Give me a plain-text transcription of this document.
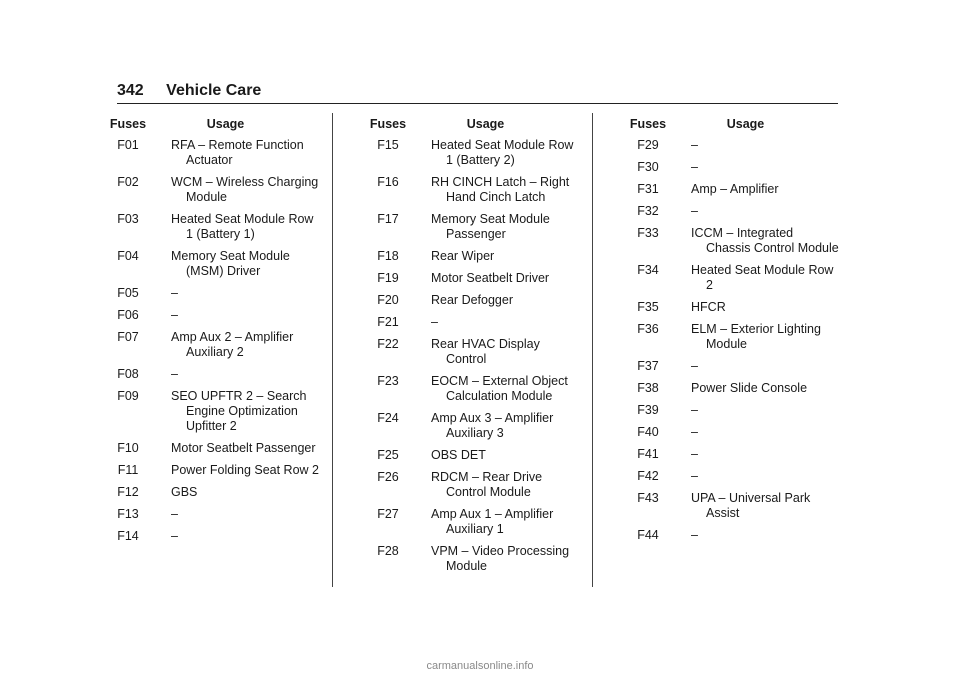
342 Vehicle Care
Fuses	Usage
F01	RFA – Remote Function Actuator
F02	WCM – Wireless Charging Module
F03	Heated Seat Module Row 1 (Battery 1)
F04	Memory Seat Module (MSM) Driver
F05	–
F06	–
F07	Amp Aux 2 – Amplifier Auxiliary 2
F08	–
F09	SEO UPFTR 2 – Search Engine Optimization Upfitter 2
F10	Motor Seatbelt Passenger
F11	Power Folding Seat Row 2
F12	GBS
F13	–
F14	–
Fuses	Usage
F15	Heated Seat Module Row 1 (Battery 2)
F16	RH CINCH Latch – Right Hand Cinch Latch
F17	Memory Seat Module Passenger
F18	Rear Wiper
F19	Motor Seatbelt Driver
F20	Rear Defogger
F21	–
F22	Rear HVAC Display Control
F23	EOCM – External Object Calculation Module
F24	Amp Aux 3 – Amplifier Auxiliary 3
F25	OBS DET
F26	RDCM – Rear Drive Control Module
F27	Amp Aux 1 – Amplifier Auxiliary 1
F28	VPM – Video Processing Module
Fuses	Usage
F29	–
F30	–
F31	Amp – Amplifier
F32	–
F33	ICCM – Integrated Chassis Control Module
F34	Heated Seat Module Row 2
F35	HFCR
F36	ELM – Exterior Lighting Module
F37	–
F38	Power Slide Console
F39	–
F40	–
F41	–
F42	–
F43	UPA – Universal Park Assist
F44	–
carmanualsonline.info
